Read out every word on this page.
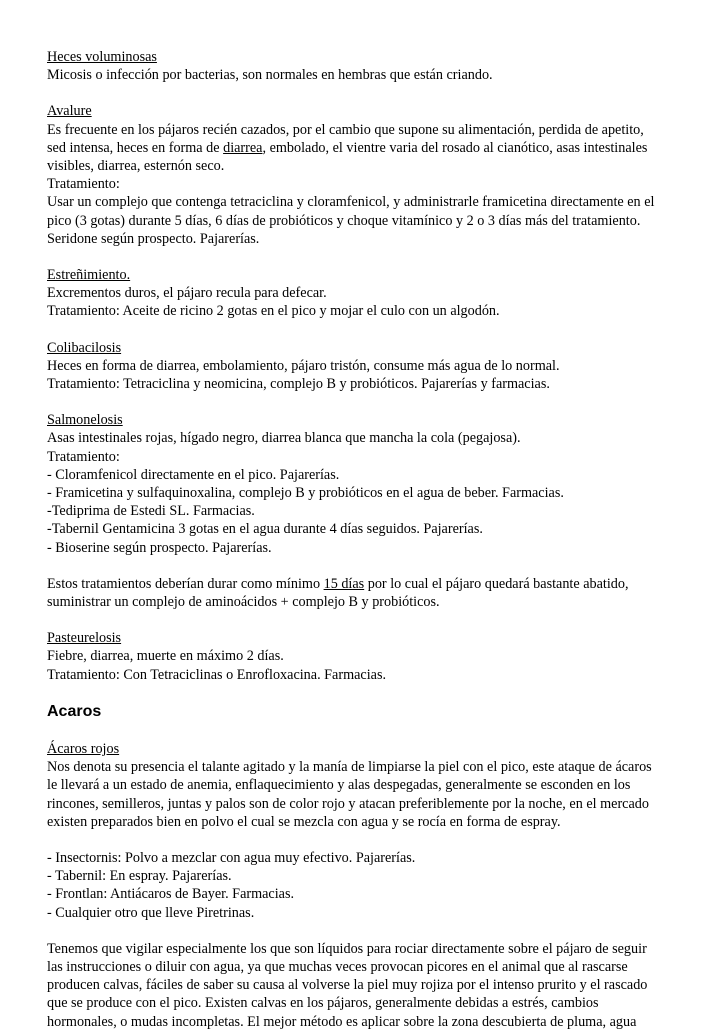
Heces voluminosas
Micosis o infección por bacterias, son normales en hembras que están criando.
Avalure
Es frecuente en los pájaros recién cazados, por el cambio que supone su alimentación, perdida de apetito,
sed intensa, heces en forma de diarrea, embolado, el vientre varia del rosado al cianótico, asas intestinales
visibles, diarrea, esternón seco.
Tratamiento:
Usar un complejo que contenga tetraciclina y cloramfenicol, y administrarle framicetina directamente en el
pico (3 gotas) durante 5 días, 6 días de probióticos y choque vitamínico y 2 o 3 días más del tratamiento.
Seridone según prospecto. Pajarerías.
Estreñimiento.
Excrementos duros, el pájaro recula para defecar.
Tratamiento: Aceite de ricino 2 gotas en el pico y mojar el culo con un algodón.
Colibacilosis
Heces en forma de diarrea, embolamiento, pájaro tristón, consume más agua de lo normal.
Tratamiento: Tetraciclina y neomicina, complejo B y probióticos. Pajarerías y farmacias.
Salmonelosis
Asas intestinales rojas, hígado negro, diarrea blanca que mancha la cola (pegajosa).
Tratamiento:
- Cloramfenicol directamente en el pico. Pajarerías.
- Framicetina y sulfaquinoxalina, complejo B y probióticos en el agua de beber. Farmacias.
-Tediprima de Estedi SL. Farmacias.
-Tabernil Gentamicina 3 gotas en el agua durante 4 días seguidos. Pajarerías.
- Bioserine según prospecto. Pajarerías.
Estos tratamientos deberían durar como mínimo 15 días por lo cual el pájaro quedará bastante abatido,
suministrar un complejo de aminoácidos + complejo B y probióticos.
Pasteurelosis
Fiebre, diarrea, muerte en máximo 2 días.
Tratamiento: Con Tetraciclinas o Enrofloxacina. Farmacias.
Acaros
Ácaros rojos
Nos denota su presencia el talante agitado y la manía de limpiarse la piel con el pico, este ataque de ácaros
le llevará a un estado de anemia, enflaquecimiento y alas despegadas, generalmente se esconden en los
rincones, semilleros, juntas y palos son de color rojo y atacan preferiblemente por la noche, en el mercado
existen preparados bien en polvo el cual se mezcla con agua y se rocía en forma de espray.
- Insectornis: Polvo a mezclar con agua muy efectivo. Pajarerías.
- Tabernil: En espray. Pajarerías.
- Frontlan: Antiácaros de Bayer. Farmacias.
- Cualquier otro que lleve Piretrinas.
Tenemos que vigilar especialmente los que son líquidos para rociar directamente sobre el pájaro de seguir
las instrucciones o diluir con agua, ya que muchas veces provocan picores en el animal que al rascarse
producen calvas, fáciles de saber su causa al volverse la piel muy rojiza por el intenso prurito y el rascado
que se produce con el pico. Existen calvas en los pájaros, generalmente debidas a estrés, cambios
hormonales, o mudas incompletas. El mejor método es aplicar sobre la zona descubierta de pluma, agua
